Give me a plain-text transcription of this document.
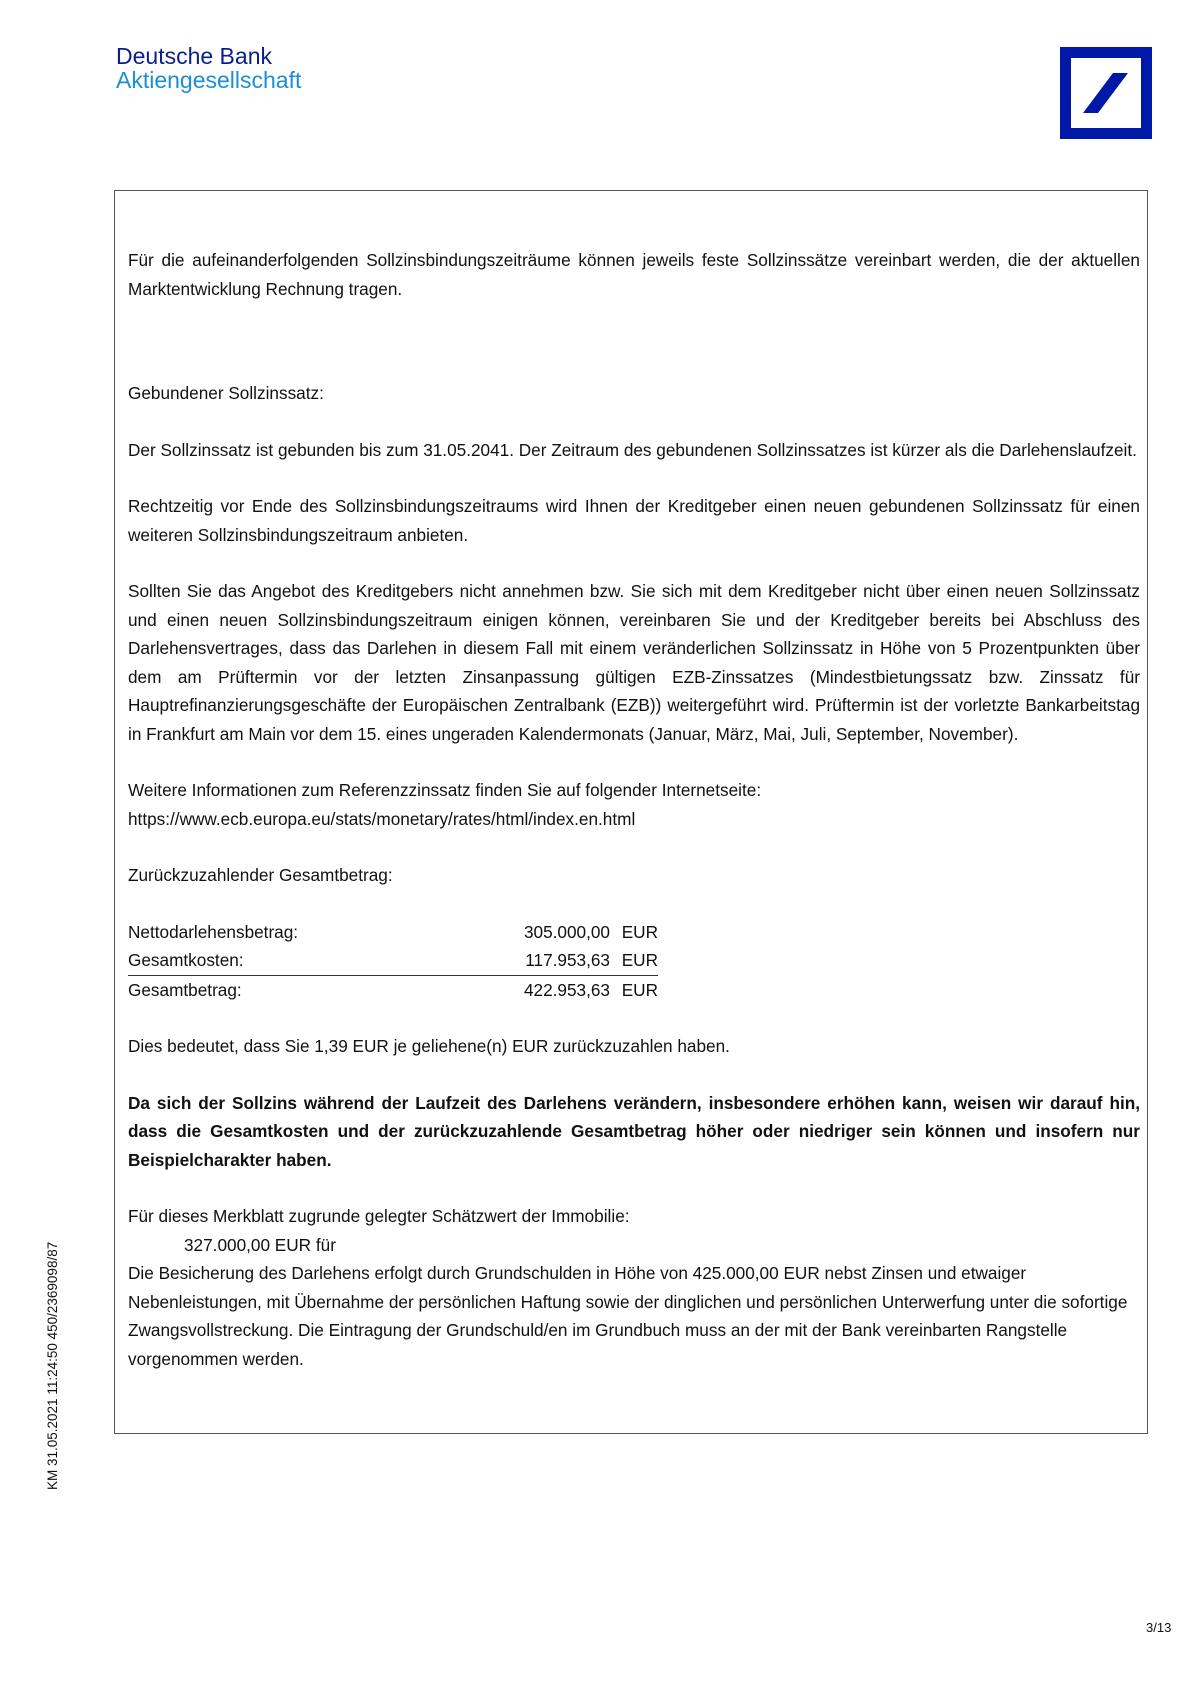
Deutsche Bank
Aktiengesellschaft

Für die aufeinanderfolgenden Sollzinsbindungszeiträume können jeweils feste Sollzinssätze vereinbart werden, die der aktuellen Marktentwicklung Rechnung tragen.

Gebundener Sollzinssatz:

Der Sollzinssatz ist gebunden bis zum 31.05.2041. Der Zeitraum des gebundenen Sollzinssatzes ist kürzer als die Darlehenslaufzeit.

Rechtzeitig vor Ende des Sollzinsbindungszeitraums wird Ihnen der Kreditgeber einen neuen gebundenen Sollzinssatz für einen weiteren Sollzinsbindungszeitraum anbieten.

Sollten Sie das Angebot des Kreditgebers nicht annehmen bzw. Sie sich mit dem Kreditgeber nicht über einen neuen Sollzinssatz und einen neuen Sollzinsbindungszeitraum einigen können, vereinbaren Sie und der Kreditgeber bereits bei Abschluss des Darlehensvertrages, dass das Darlehen in diesem Fall mit einem veränderlichen Sollzinssatz in Höhe von 5 Prozentpunkten über dem am Prüftermin vor der letzten Zinsanpassung gültigen EZB-Zinssatzes (Mindestbietungssatz bzw. Zinssatz für Hauptrefinanzierungsgeschäfte der Europäischen Zentralbank (EZB)) weitergeführt wird. Prüftermin ist der vorletzte Bankarbeitstag in Frankfurt am Main vor dem 15. eines ungeraden Kalendermonats (Januar, März, Mai, Juli, September, November).

Weitere Informationen zum Referenzzinssatz finden Sie auf folgender Internetseite:

https://www.ecb.europa.eu/stats/monetary/rates/html/index.en.html

Zurückzuzahlender Gesamtbetrag:

Nettodarlehensbetrag:	305.000,00 EUR
Gesamtkosten:	117.953,63 EUR
Gesamtbetrag:	422.953,63 EUR

Dies bedeutet, dass Sie 1,39 EUR je geliehene(n) EUR zurückzuzahlen haben.

Da sich der Sollzins während der Laufzeit des Darlehens verändern, insbesondere erhöhen kann, weisen wir darauf hin, dass die Gesamtkosten und der zurückzuzahlende Gesamtbetrag höher oder niedriger sein können und insofern nur Beispielcharakter haben.

Für dieses Merkblatt zugrunde gelegter Schätzwert der Immobilie:

327.000,00 EUR für

Die Besicherung des Darlehens erfolgt durch Grundschulden in Höhe von 425.000,00 EUR nebst Zinsen und etwaiger Nebenleistungen, mit Übernahme der persönlichen Haftung sowie der dinglichen und persönlichen Unterwerfung unter die sofortige Zwangsvollstreckung. Die Eintragung der Grundschuld/en im Grundbuch muss an der mit der Bank vereinbarten Rangstelle vorgenommen werden.

KM 31.05.2021 11:24:50 450/2369098/87
3/13
